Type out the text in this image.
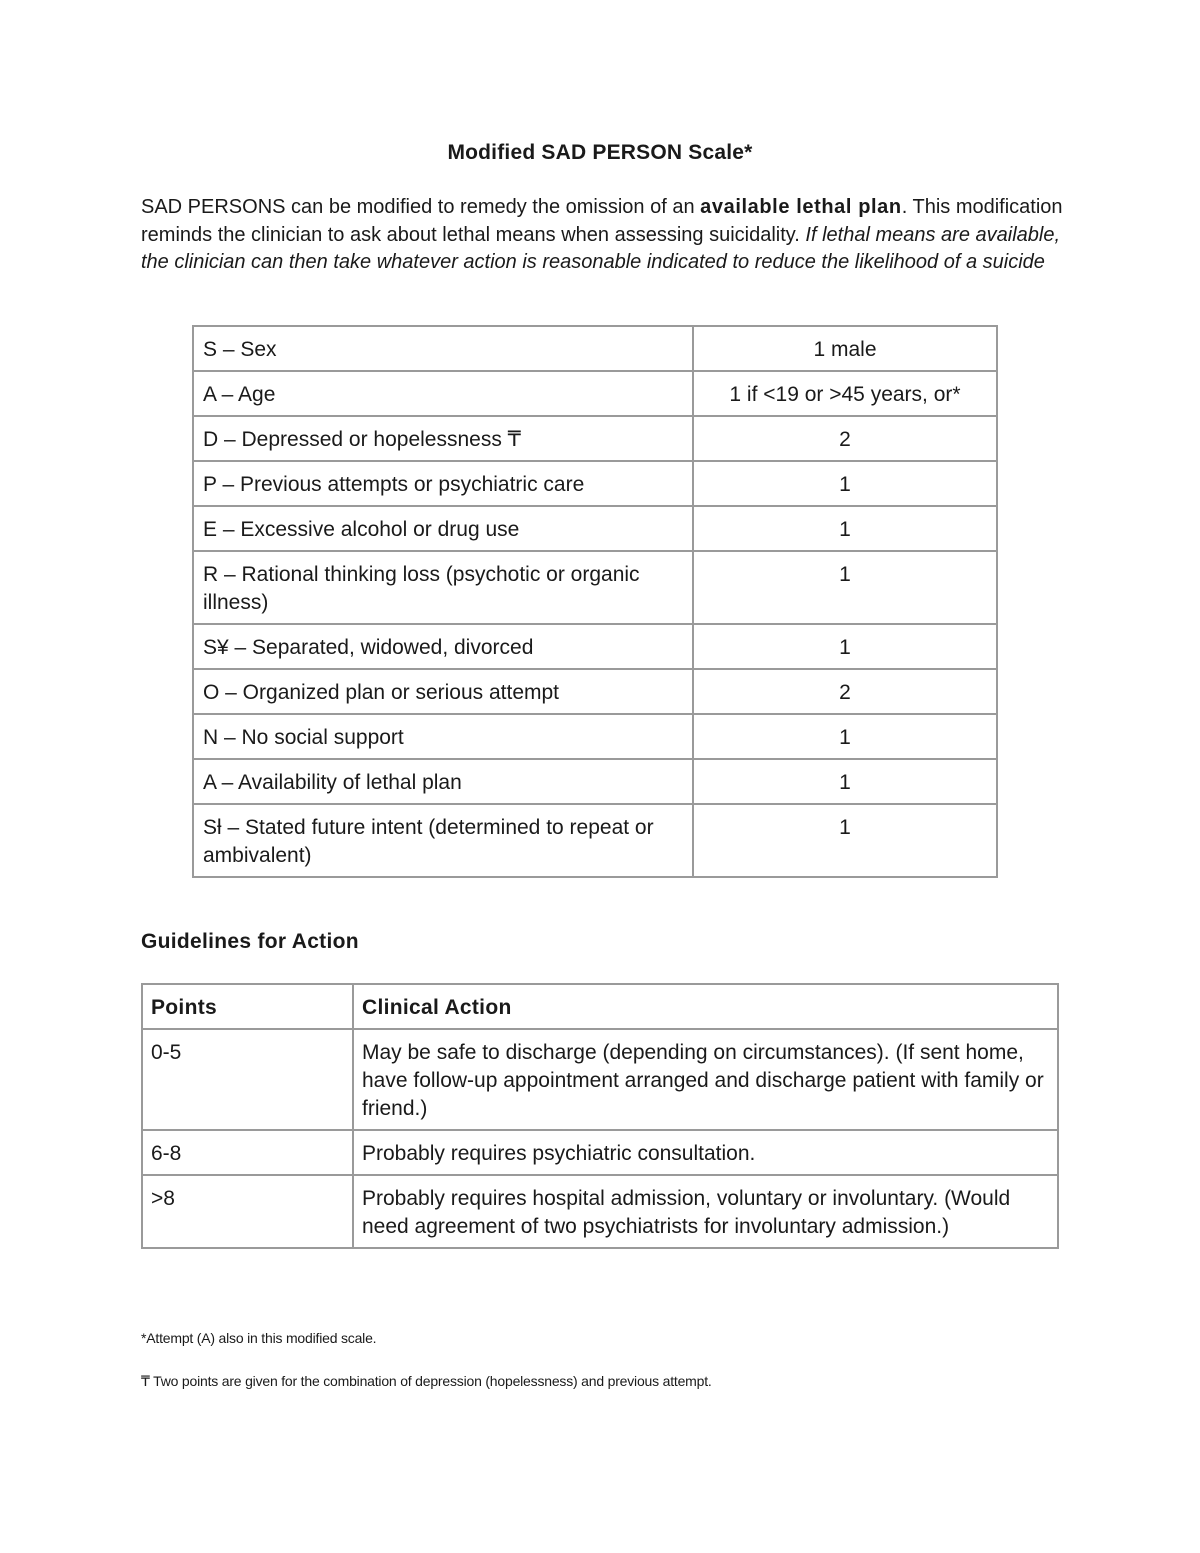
Modified SAD PERSON Scale*
SAD PERSONS can be modified to remedy the omission of an available lethal plan. This modification reminds the clinician to ask about lethal means when assessing suicidality. If lethal means are available, the clinician can then take whatever action is reasonable indicated to reduce the likelihood of a suicide
S – Sex	1 male
A – Age	1 if <19 or >45 years, or*
D – Depressed or hopelessness ₸	2
P – Previous attempts or psychiatric care	1
E – Excessive alcohol or drug use	1
R – Rational thinking loss (psychotic or organic illness)	1
S¥ – Separated, widowed, divorced	1
O – Organized plan or serious attempt	2
N – No social support	1
A – Availability of lethal plan	1
Sƚ – Stated future intent (determined to repeat or ambivalent)	1
Guidelines for Action
Points	Clinical Action
0-5	May be safe to discharge (depending on circumstances). (If sent home, have follow-up appointment arranged and discharge patient with family or friend.)
6-8	Probably requires psychiatric consultation.
>8	Probably requires hospital admission, voluntary or involuntary. (Would need agreement of two psychiatrists for involuntary admission.)
*Attempt (A) also in this modified scale.
₸ Two points are given for the combination of depression (hopelessness) and previous attempt.
